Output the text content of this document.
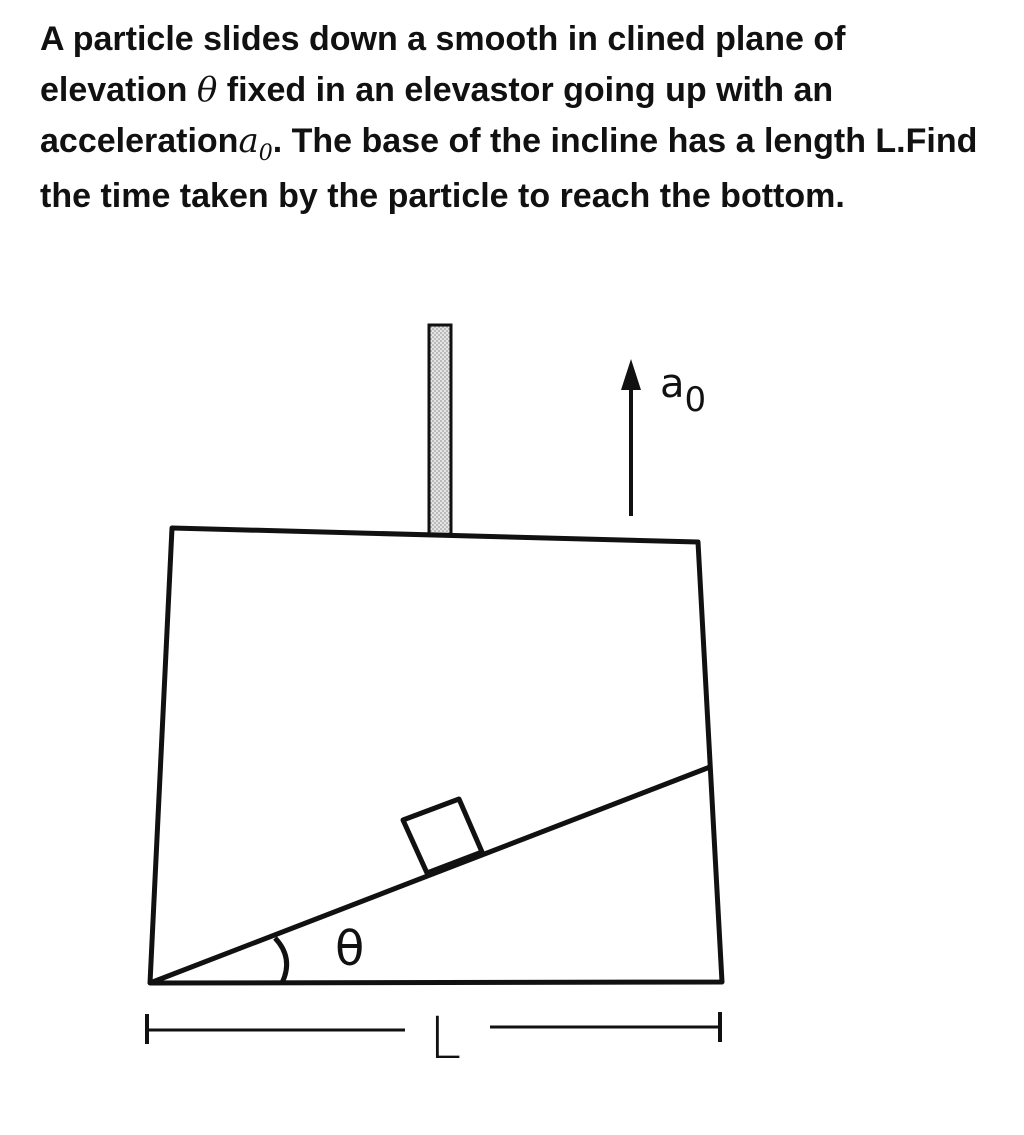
A particle slides down a smooth in clined plane of elevation θ fixed in an elevastor going up with an accelerationa$_0$. The base of the incline has a length L.Find the time taken by the particle to reach the bottom.
θ
$a_0$
L
